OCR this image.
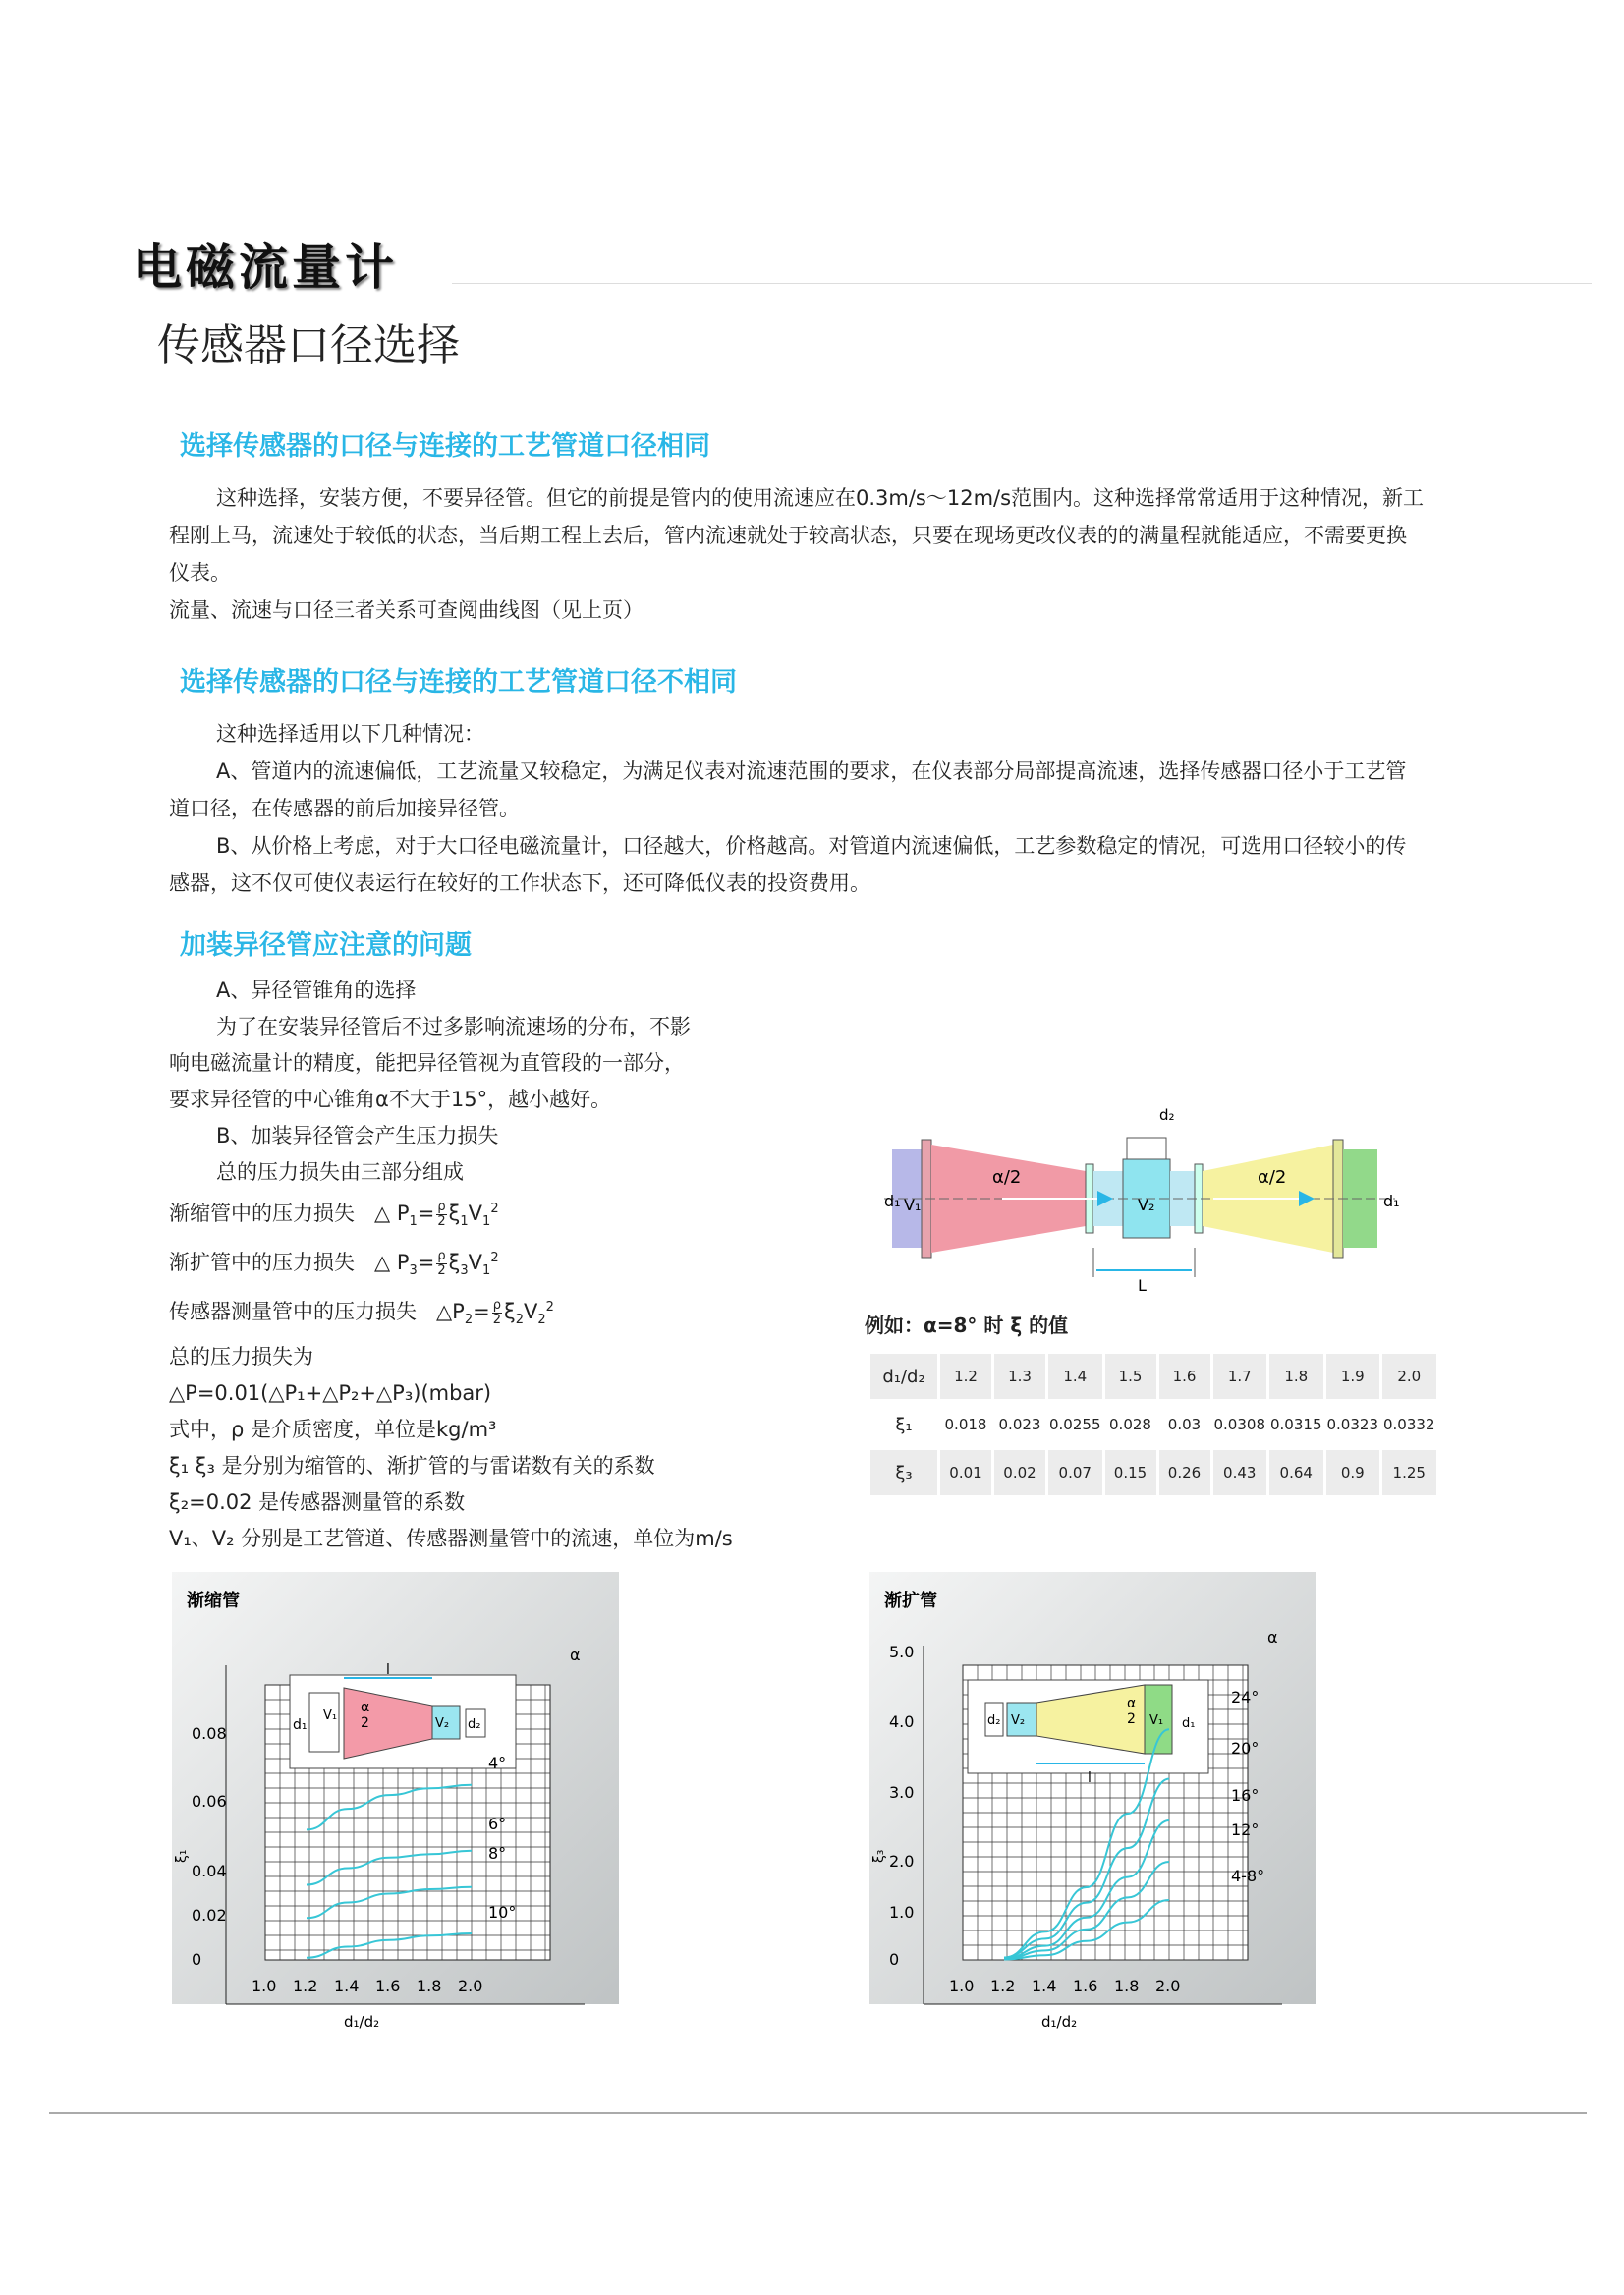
电磁流量计
传感器口径选择
选择传感器的口径与连接的工艺管道口径相同
这种选择，安装方便，不要异径管。但它的前提是管内的使用流速应在0.3m/s～12m/s范围内。这种选择常常适用于这种情况，新工程刚上马，流速处于较低的状态，当后期工程上去后，管内流速就处于较高状态，只要在现场更改仪表的的满量程就能适应，不需要更换仪表。
流量、流速与口径三者关系可查阅曲线图（见上页）
选择传感器的口径与连接的工艺管道口径不相同
这种选择适用以下几种情况：
A、管道内的流速偏低，工艺流量又较稳定，为满足仪表对流速范围的要求，在仪表部分局部提高流速，选择传感器口径小于工艺管道口径，在传感器的前后加接异径管。
B、从价格上考虑，对于大口径电磁流量计，口径越大，价格越高。对管道内流速偏低，工艺参数稳定的情况，可选用口径较小的传感器，这不仅可使仪表运行在较好的工作状态下，还可降低仪表的投资费用。
加装异径管应注意的问题
A、异径管锥角的选择
为了在安装异径管后不过多影响流速场的分布，不影
响电磁流量计的精度，能把异径管视为直管段的一部分，
要求异径管的中心锥角α不大于15°，越小越好。
B、加装异径管会产生压力损失
总的压力损失由三部分组成
渐缩管中的压力损失   △ $P_1= \frac{\rho}{2} \xi_1V_1^2$
渐扩管中的压力损失   △ $P_3= \frac{\rho}{2} \xi_3V_1^2$
传感器测量管中的压力损失   $\triangle P_2= \frac{\rho}{2} \xi_2V_2^2$
总的压力损失为
△P=0.01(△P₁+△P₂+△P₃)(mbar)
式中，ρ 是介质密度，单位是kg/m³
ξ₁ ξ₃ 是分别为缩管的、渐扩管的与雷诺数有关的系数
ξ₂=0.02 是传感器测量管的系数
V₁、V₂ 分别是工艺管道、传感器测量管中的流速，单位为m/s
d₁ V₁
α/2
V₂
d₂
α/2
d₁
L
例如：α=8° 时 ξ 的值
d₁/d₂	1.2	1.3	1.4	1.5	1.6	1.7	1.8	1.9	2.0
ξ₁	0.018	0.023	0.0255	0.028	0.03	0.0308	0.0315	0.0323	0.0332
ξ₃	0.01	0.02	0.07	0.15	0.26	0.43	0.64	0.9	1.25
渐缩管
l
d₁
V₁
α
2	V₂ d₂
1.0 1.2 1.4 1.6 1.8 2.0
0
0.02
0.04
0.06
0.08
d₁/d₂
ξ₁
α
4°
6°
8°
10°
渐扩管
l
d₂ V₂
α
2 V₁ d₁
1.0 1.2 1.4 1.6 1.8 2.0
0
1.0
2.0
3.0
4.0
5.0
d₁/d₂
ξ₃
α
24°
20°
16°
12°
4-8°
